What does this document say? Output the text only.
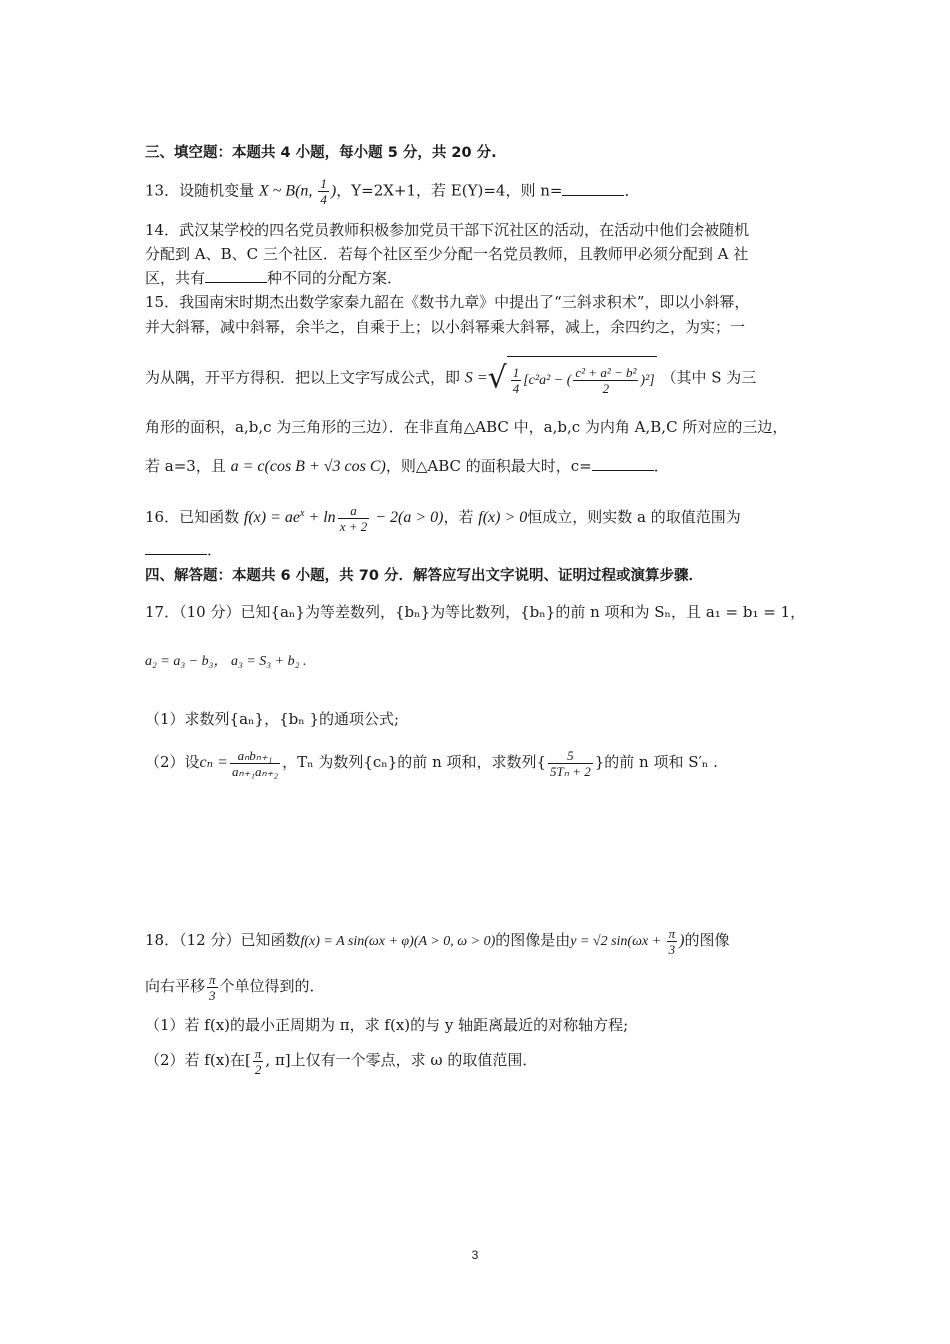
三、填空题：本题共 4 小题，每小题 5 分，共 20 分.
13．设随机变量 X ~ B(n, $\frac{1}{4}$ )，Y=2X+1，若 E(Y)=4，则 n=	．
14．武汉某学校的四名党员教师积极参加党员干部下沉社区的活动，在活动中他们会被随机
分配到 A、B、C 三个社区．若每个社区至少分配一名党员教师，且教师甲必须分配到 A 社
区，共有	种不同的分配方案．
15．我国南宋时期杰出数学家秦九韶在《数书九章》中提出了“三斜求积术”，即以小斜幂，
并大斜幂，减中斜幂，余半之，自乘于上；以小斜幂乘大斜幂，减上，余四约之，为实；一
为从隅，开平方得积．把以上文字写成公式，即 S =√ $\frac{1}{4} [c^2a^2$ − ( $\frac{\text{c² + a² − b²}}{2} )^2$] （其中 S 为三
角形的面积，a,b,c 为三角形的三边）．在非直角△ABC 中，a,b,c 为内角 A,B,C 所对应的三边，
若 a=3，且 a = c(cos B + √3 cos C)，则△ABC 的面积最大时，c=	．
16．已知函数 $f(x) = ae^x + \ln \frac{a}{x + 2} - 2(a > 0)$，若 f(x) > 0恒成立，则实数 a 的取值范围为
．
四、解答题：本题共 6 小题，共 70 分．解答应写出文字说明、证明过程或演算步骤．
17．（10 分）已知{aₙ}为等差数列，{bₙ}为等比数列，{bₙ}的前 n 项和为 Sₙ，且 a₁ = b₁ = 1，
a₂ = a₃ − b₃， a₃ = S₃ + b₂ .
（1）求数列{aₙ}，{bₙ }的通项公式;
（2）设$c_n = \frac{\text{aₙbₙ₊₁}}{\text{aₙ₊₁aₙ₊₂}}$ ，Tₙ 为数列{cₙ}的前 n 项和，求数列{ $\frac{5}{\text{5Tₙ + 2}}$ }的前 n 项和 S′ₙ .
18．（12 分）已知函数f(x) = A sin(ωx + φ)(A > 0, ω > 0)的图像是由y = √2 $\sin(\omega x + \frac{\pi}{3}$ )的图像
向右平移 $\frac{\pi}{3}$ 个单位得到的．
（1）若 f(x)的最小正周期为 π，求 f(x)的与 y 轴距离最近的对称轴方程;
（2）若 f(x)在[ $\frac{\pi}{2}$ , π]上仅有一个零点，求 ω 的取值范围．
3
